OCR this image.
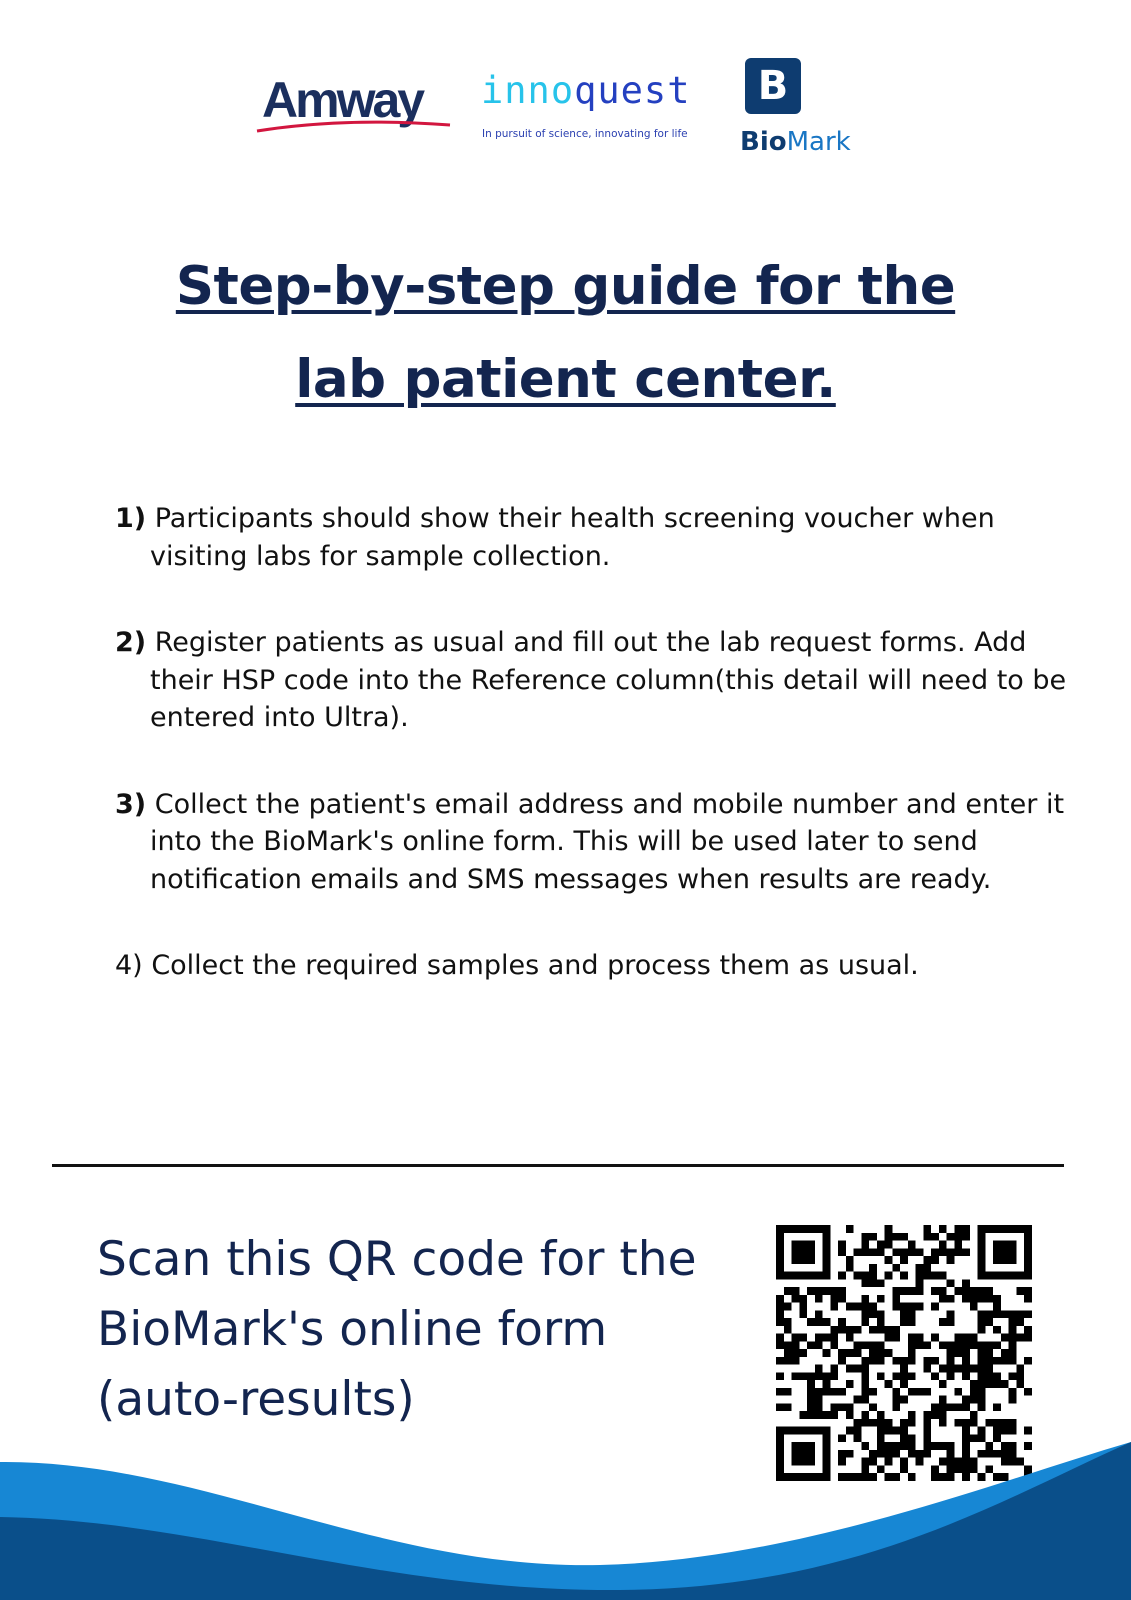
Amway innoquest
In pursuit of science, innovating for life
B
BioMark
Step-by-step guide for the
lab patient center.
1) Participants should show their health screening voucher when visiting labs for sample collection.
2) Register patients as usual and fill out the lab request forms. Add their HSP code into the Reference column(this detail will need to be entered into Ultra).
3) Collect the patient's email address and mobile number and enter it into the BioMark's online form. This will be used later to send notification emails and SMS messages when results are ready.
4) Collect the required samples and process them as usual.
Scan this QR code for the BioMark's online form (auto-results)
